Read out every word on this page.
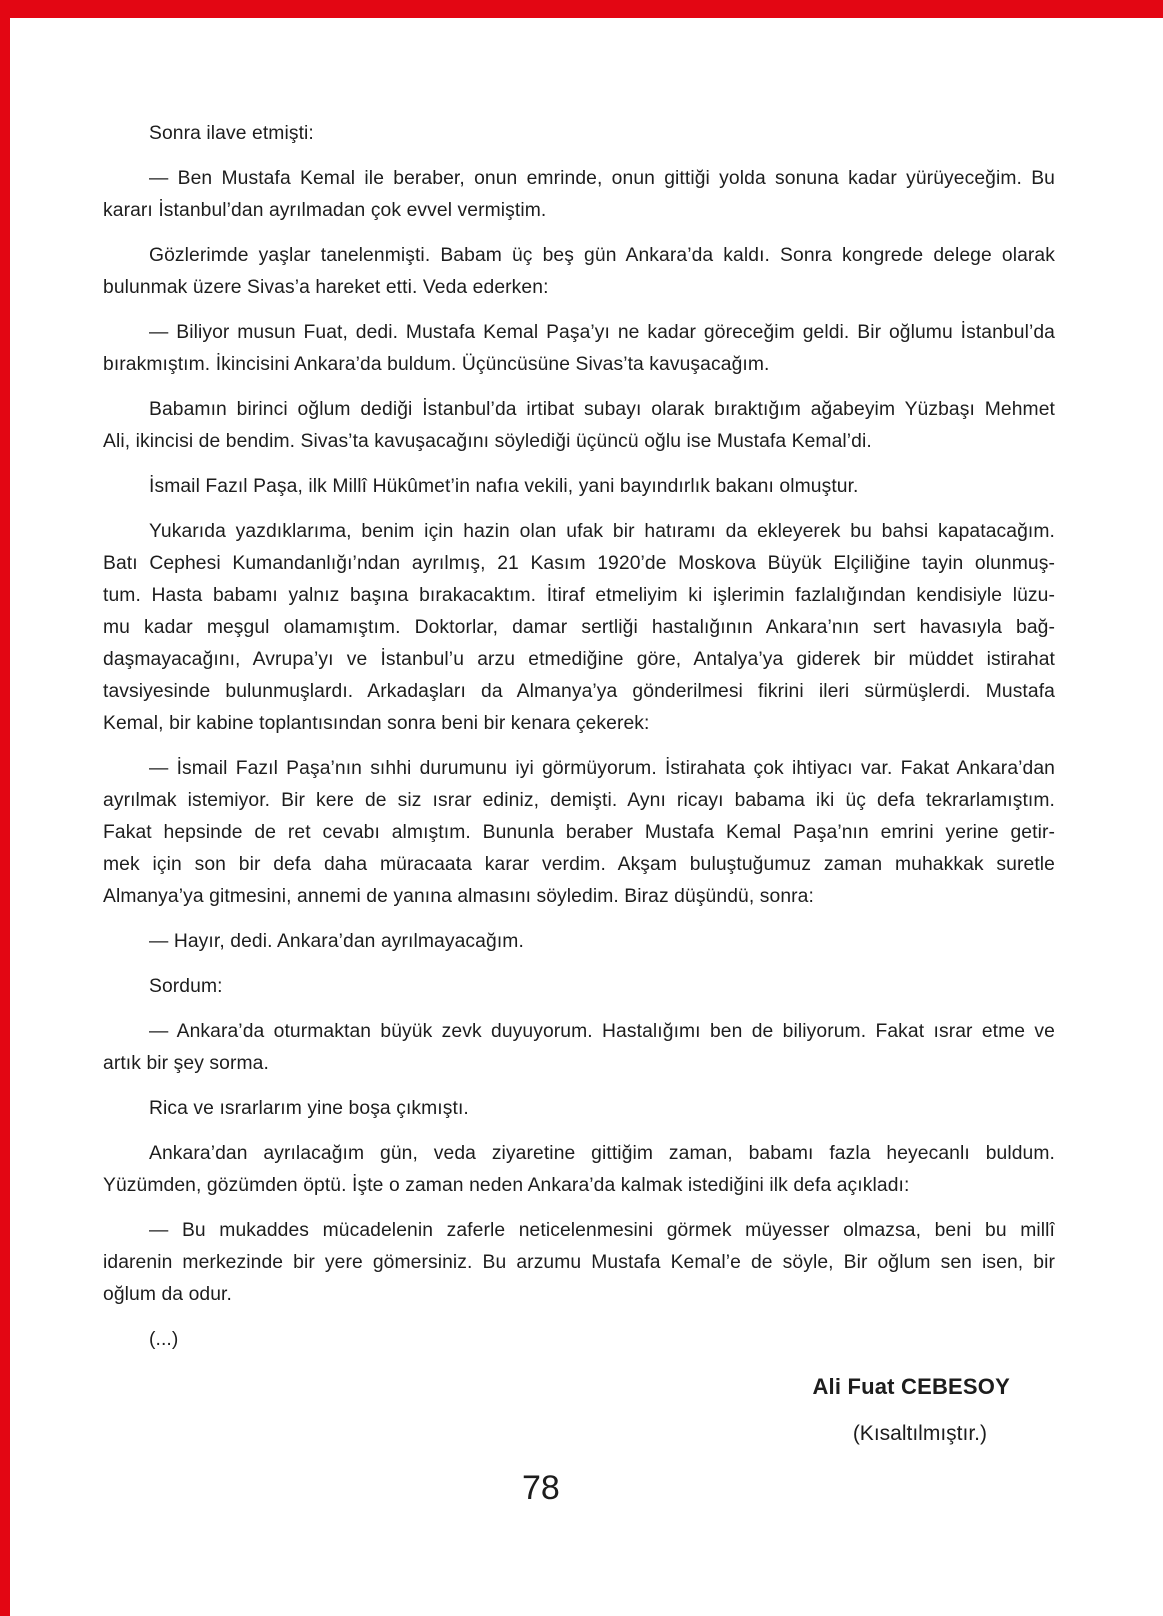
Sonra ilave etmişti:
— Ben Mustafa Kemal ile beraber, onun emrinde, onun gittiği yolda sonuna kadar yürüyeceğim. Bu
kararı İstanbul’dan ayrılmadan çok evvel vermiştim.
Gözlerimde yaşlar tanelenmişti. Babam üç beş gün Ankara’da kaldı. Sonra kongrede delege olarak
bulunmak üzere Sivas’a hareket etti. Veda ederken:
— Biliyor musun Fuat, dedi. Mustafa Kemal Paşa’yı ne kadar göreceğim geldi. Bir oğlumu İstanbul’da
bırakmıştım. İkincisini Ankara’da buldum. Üçüncüsüne Sivas’ta kavuşacağım.
Babamın birinci oğlum dediği İstanbul’da irtibat subayı olarak bıraktığım ağabeyim Yüzbaşı Mehmet
Ali, ikincisi de bendim. Sivas’ta kavuşacağını söylediği üçüncü oğlu ise Mustafa Kemal’di.
İsmail Fazıl Paşa, ilk Millî Hükûmet’in nafıa vekili, yani bayındırlık bakanı olmuştur.
Yukarıda yazdıklarıma, benim için hazin olan ufak bir hatıramı da ekleyerek bu bahsi kapatacağım.
Batı Cephesi Kumandanlığı’ndan ayrılmış, 21 Kasım 1920’de Moskova Büyük Elçiliğine tayin olunmuş-
tum. Hasta babamı yalnız başına bırakacaktım. İtiraf etmeliyim ki işlerimin fazlalığından kendisiyle lüzu-
mu kadar meşgul olamamıştım. Doktorlar, damar sertliği hastalığının Ankara’nın sert havasıyla bağ-
daşmayacağını, Avrupa’yı ve İstanbul’u arzu etmediğine göre, Antalya’ya giderek bir müddet istirahat
tavsiyesinde bulunmuşlardı. Arkadaşları da Almanya’ya gönderilmesi fikrini ileri sürmüşlerdi. Mustafa
Kemal, bir kabine toplantısından sonra beni bir kenara çekerek:
— İsmail Fazıl Paşa’nın sıhhi durumunu iyi görmüyorum. İstirahata çok ihtiyacı var. Fakat Ankara’dan
ayrılmak istemiyor. Bir kere de siz ısrar ediniz, demişti. Aynı ricayı babama iki üç defa tekrarlamıştım.
Fakat hepsinde de ret cevabı almıştım. Bununla beraber Mustafa Kemal Paşa’nın emrini yerine getir-
mek için son bir defa daha müracaata karar verdim. Akşam buluştuğumuz zaman muhakkak suretle
Almanya’ya gitmesini, annemi de yanına almasını söyledim. Biraz düşündü, sonra:
— Hayır, dedi. Ankara’dan ayrılmayacağım.
Sordum:
— Ankara’da oturmaktan büyük zevk duyuyorum. Hastalığımı ben de biliyorum. Fakat ısrar etme ve
artık bir şey sorma.
Rica ve ısrarlarım yine boşa çıkmıştı.
Ankara’dan ayrılacağım gün, veda ziyaretine gittiğim zaman, babamı fazla heyecanlı buldum.
Yüzümden, gözümden öptü. İşte o zaman neden Ankara’da kalmak istediğini ilk defa açıkladı:
— Bu mukaddes mücadelenin zaferle neticelenmesini görmek müyesser olmazsa, beni bu millî
idarenin merkezinde bir yere gömersiniz. Bu arzumu Mustafa Kemal’e de söyle, Bir oğlum sen isen, bir
oğlum da odur.
(...)
Ali Fuat CEBESOY
(Kısaltılmıştır.)
78
